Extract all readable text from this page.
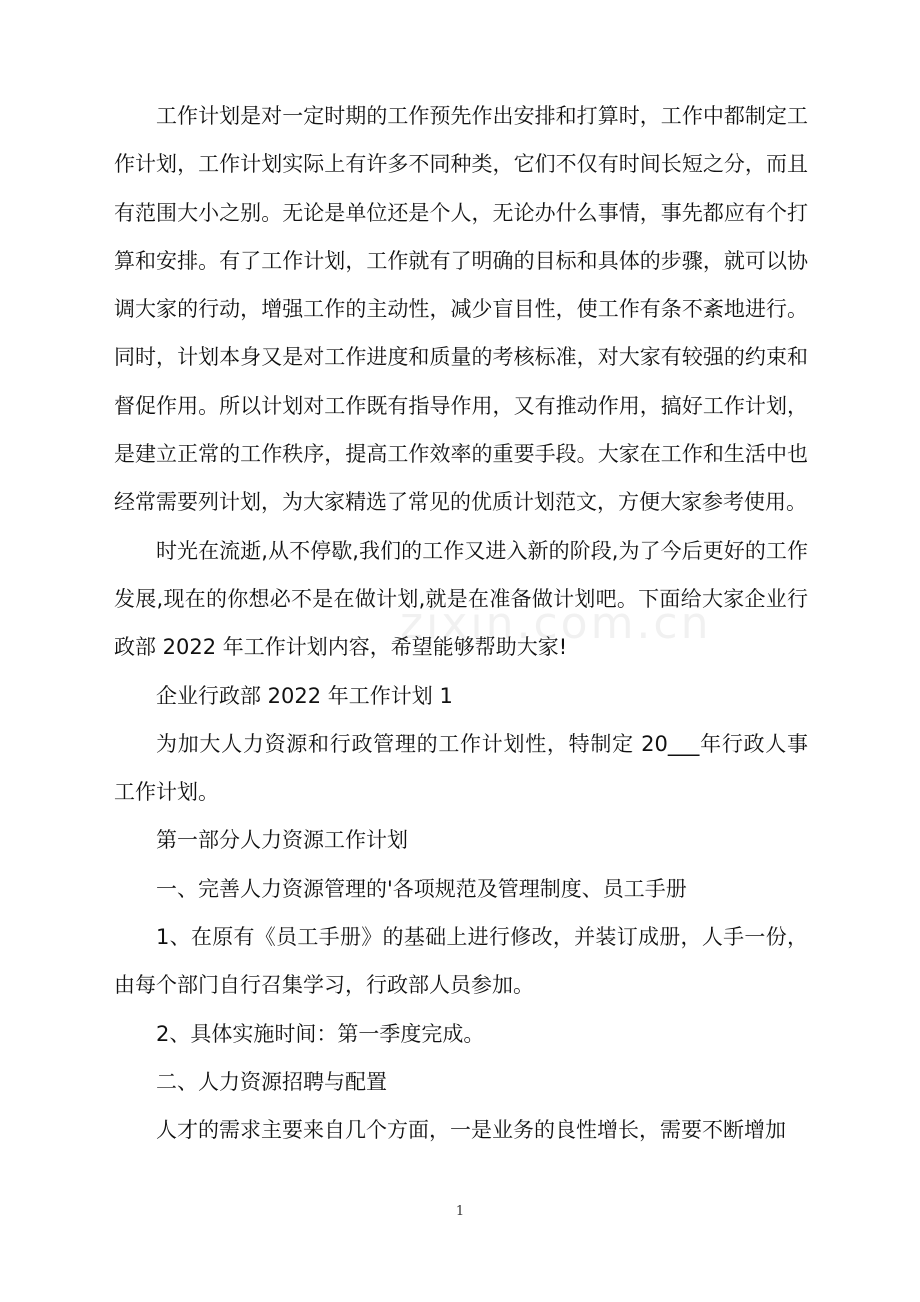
zixin.com.cn

工作计划是对一定时期的工作预先作出安排和打算时，工作中都制定工作计划，工作计划实际上有许多不同种类，它们不仅有时间长短之分，而且有范围大小之别。无论是单位还是个人，无论办什么事情，事先都应有个打算和安排。有了工作计划，工作就有了明确的目标和具体的步骤，就可以协调大家的行动，增强工作的主动性，减少盲目性，使工作有条不紊地进行。同时，计划本身又是对工作进度和质量的考核标准，对大家有较强的约束和督促作用。所以计划对工作既有指导作用，又有推动作用，搞好工作计划，是建立正常的工作秩序，提高工作效率的重要手段。大家在工作和生活中也经常需要列计划，为大家精选了常见的优质计划范文，方便大家参考使用。

时光在流逝,从不停歇,我们的工作又进入新的阶段,为了今后更好的工作发展,现在的你想必不是在做计划,就是在准备做计划吧。下面给大家企业行政部 2022 年工作计划内容，希望能够帮助大家!

企业行政部 2022 年工作计划 1

为加大人力资源和行政管理的工作计划性，特制定 20___年行政人事工作计划。

第一部分人力资源工作计划

一、完善人力资源管理的'各项规范及管理制度、员工手册

1、在原有《员工手册》的基础上进行修改，并装订成册，人手一份，由每个部门自行召集学习，行政部人员参加。

2、具体实施时间：第一季度完成。

二、人力资源招聘与配置

人才的需求主要来自几个方面，一是业务的良性增长，需要不断增加

1
